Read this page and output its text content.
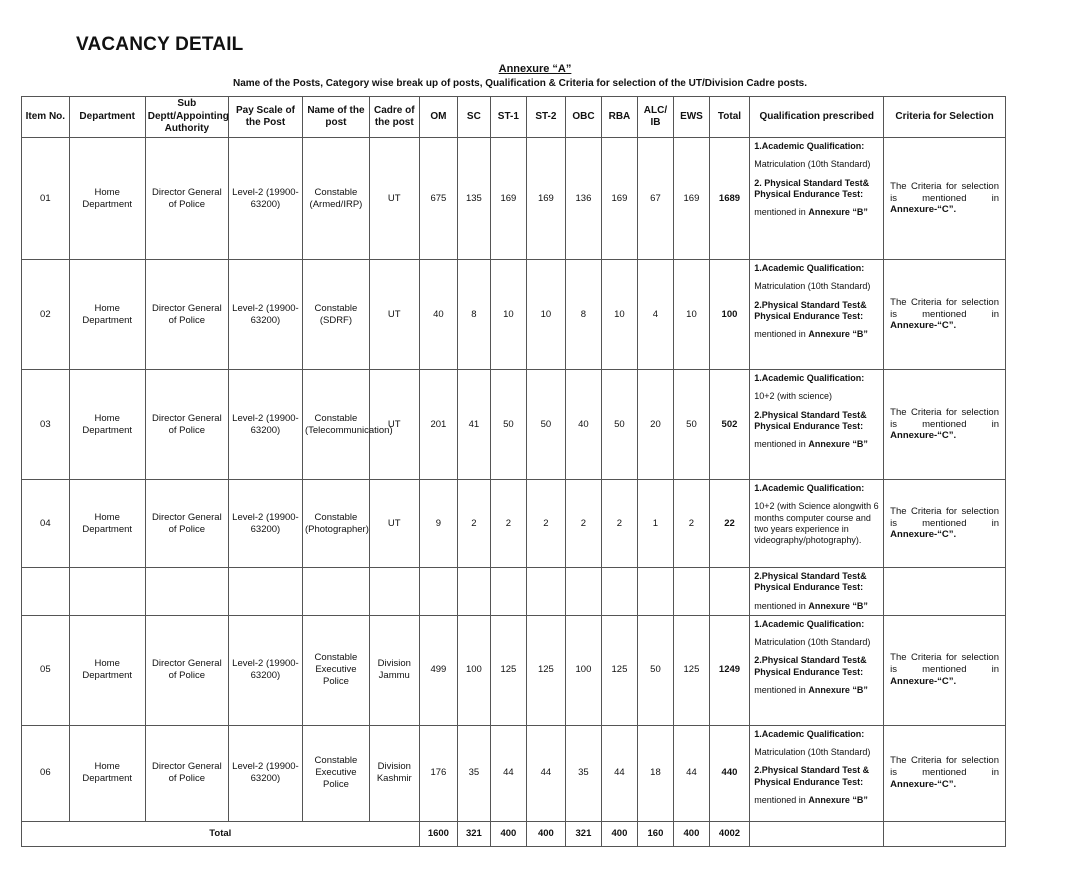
VACANCY DETAIL
Annexure “A”
Name of the Posts, Category wise break up of posts, Qualification & Criteria for selection of the UT/Division Cadre posts.
Item No.	Department	Sub Deptt/Appointing Authority	Pay Scale of the Post	Name of the post	Cadre of the post	OM	SC	ST-1	ST-2	OBC	RBA	ALC/ IB	EWS	Total	Qualification prescribed	Criteria for Selection
01	Home Department	Director General of Police	Level-2 (19900-63200)	Constable (Armed/IRP)	UT	675	135	169	169	136	169	67	169	1689	1.Academic Qualification:

Matriculation (10th Standard)

2. Physical Standard Test& Physical Endurance Test:

mentioned in Annexure “B”	The Criteria for selection is mentioned in Annexure-“C”.
02	Home Department	Director General of Police	Level-2 (19900-63200)	Constable (SDRF)	UT	40	8	10	10	8	10	4	10	100	1.Academic Qualification:

Matriculation (10th Standard)

2.Physical Standard Test& Physical Endurance Test:

mentioned in Annexure “B”	The Criteria for selection is mentioned in Annexure-“C”.
03	Home Department	Director General of Police	Level-2 (19900-63200)	Constable (Telecommunication)	UT	201	41	50	50	40	50	20	50	502	1.Academic Qualification:

10+2 (with science)

2.Physical Standard Test& Physical Endurance Test:

mentioned in Annexure “B”	The Criteria for selection is mentioned in Annexure-“C”.
04	Home Department	Director General of Police	Level-2 (19900-63200)	Constable (Photographer)	UT	9	2	2	2	2	2	1	2	22	1.Academic Qualification:

10+2 (with Science alongwith 6 months computer course and two years experience in videography/photography).	The Criteria for selection is mentioned in Annexure-“C”.

															2.Physical Standard Test& Physical Endurance Test:

mentioned in Annexure “B”	

05	Home Department	Director General of Police	Level-2 (19900-63200)	Constable Executive Police	Division Jammu	499	100	125	125	100	125	50	125	1249	1.Academic Qualification:

Matriculation (10th Standard)

2.Physical Standard Test& Physical Endurance Test:

mentioned in Annexure “B”	The Criteria for selection is mentioned in Annexure-“C”.
06	Home Department	Director General of Police	Level-2 (19900-63200)	Constable Executive Police	Division Kashmir	176	35	44	44	35	44	18	44	440	1.Academic Qualification:

Matriculation (10th Standard)

2.Physical Standard Test & Physical Endurance Test:

mentioned in Annexure “B”	The Criteria for selection is mentioned in Annexure-“C”.
Total						1600	321	400	400	321	400	160	400	4002		
